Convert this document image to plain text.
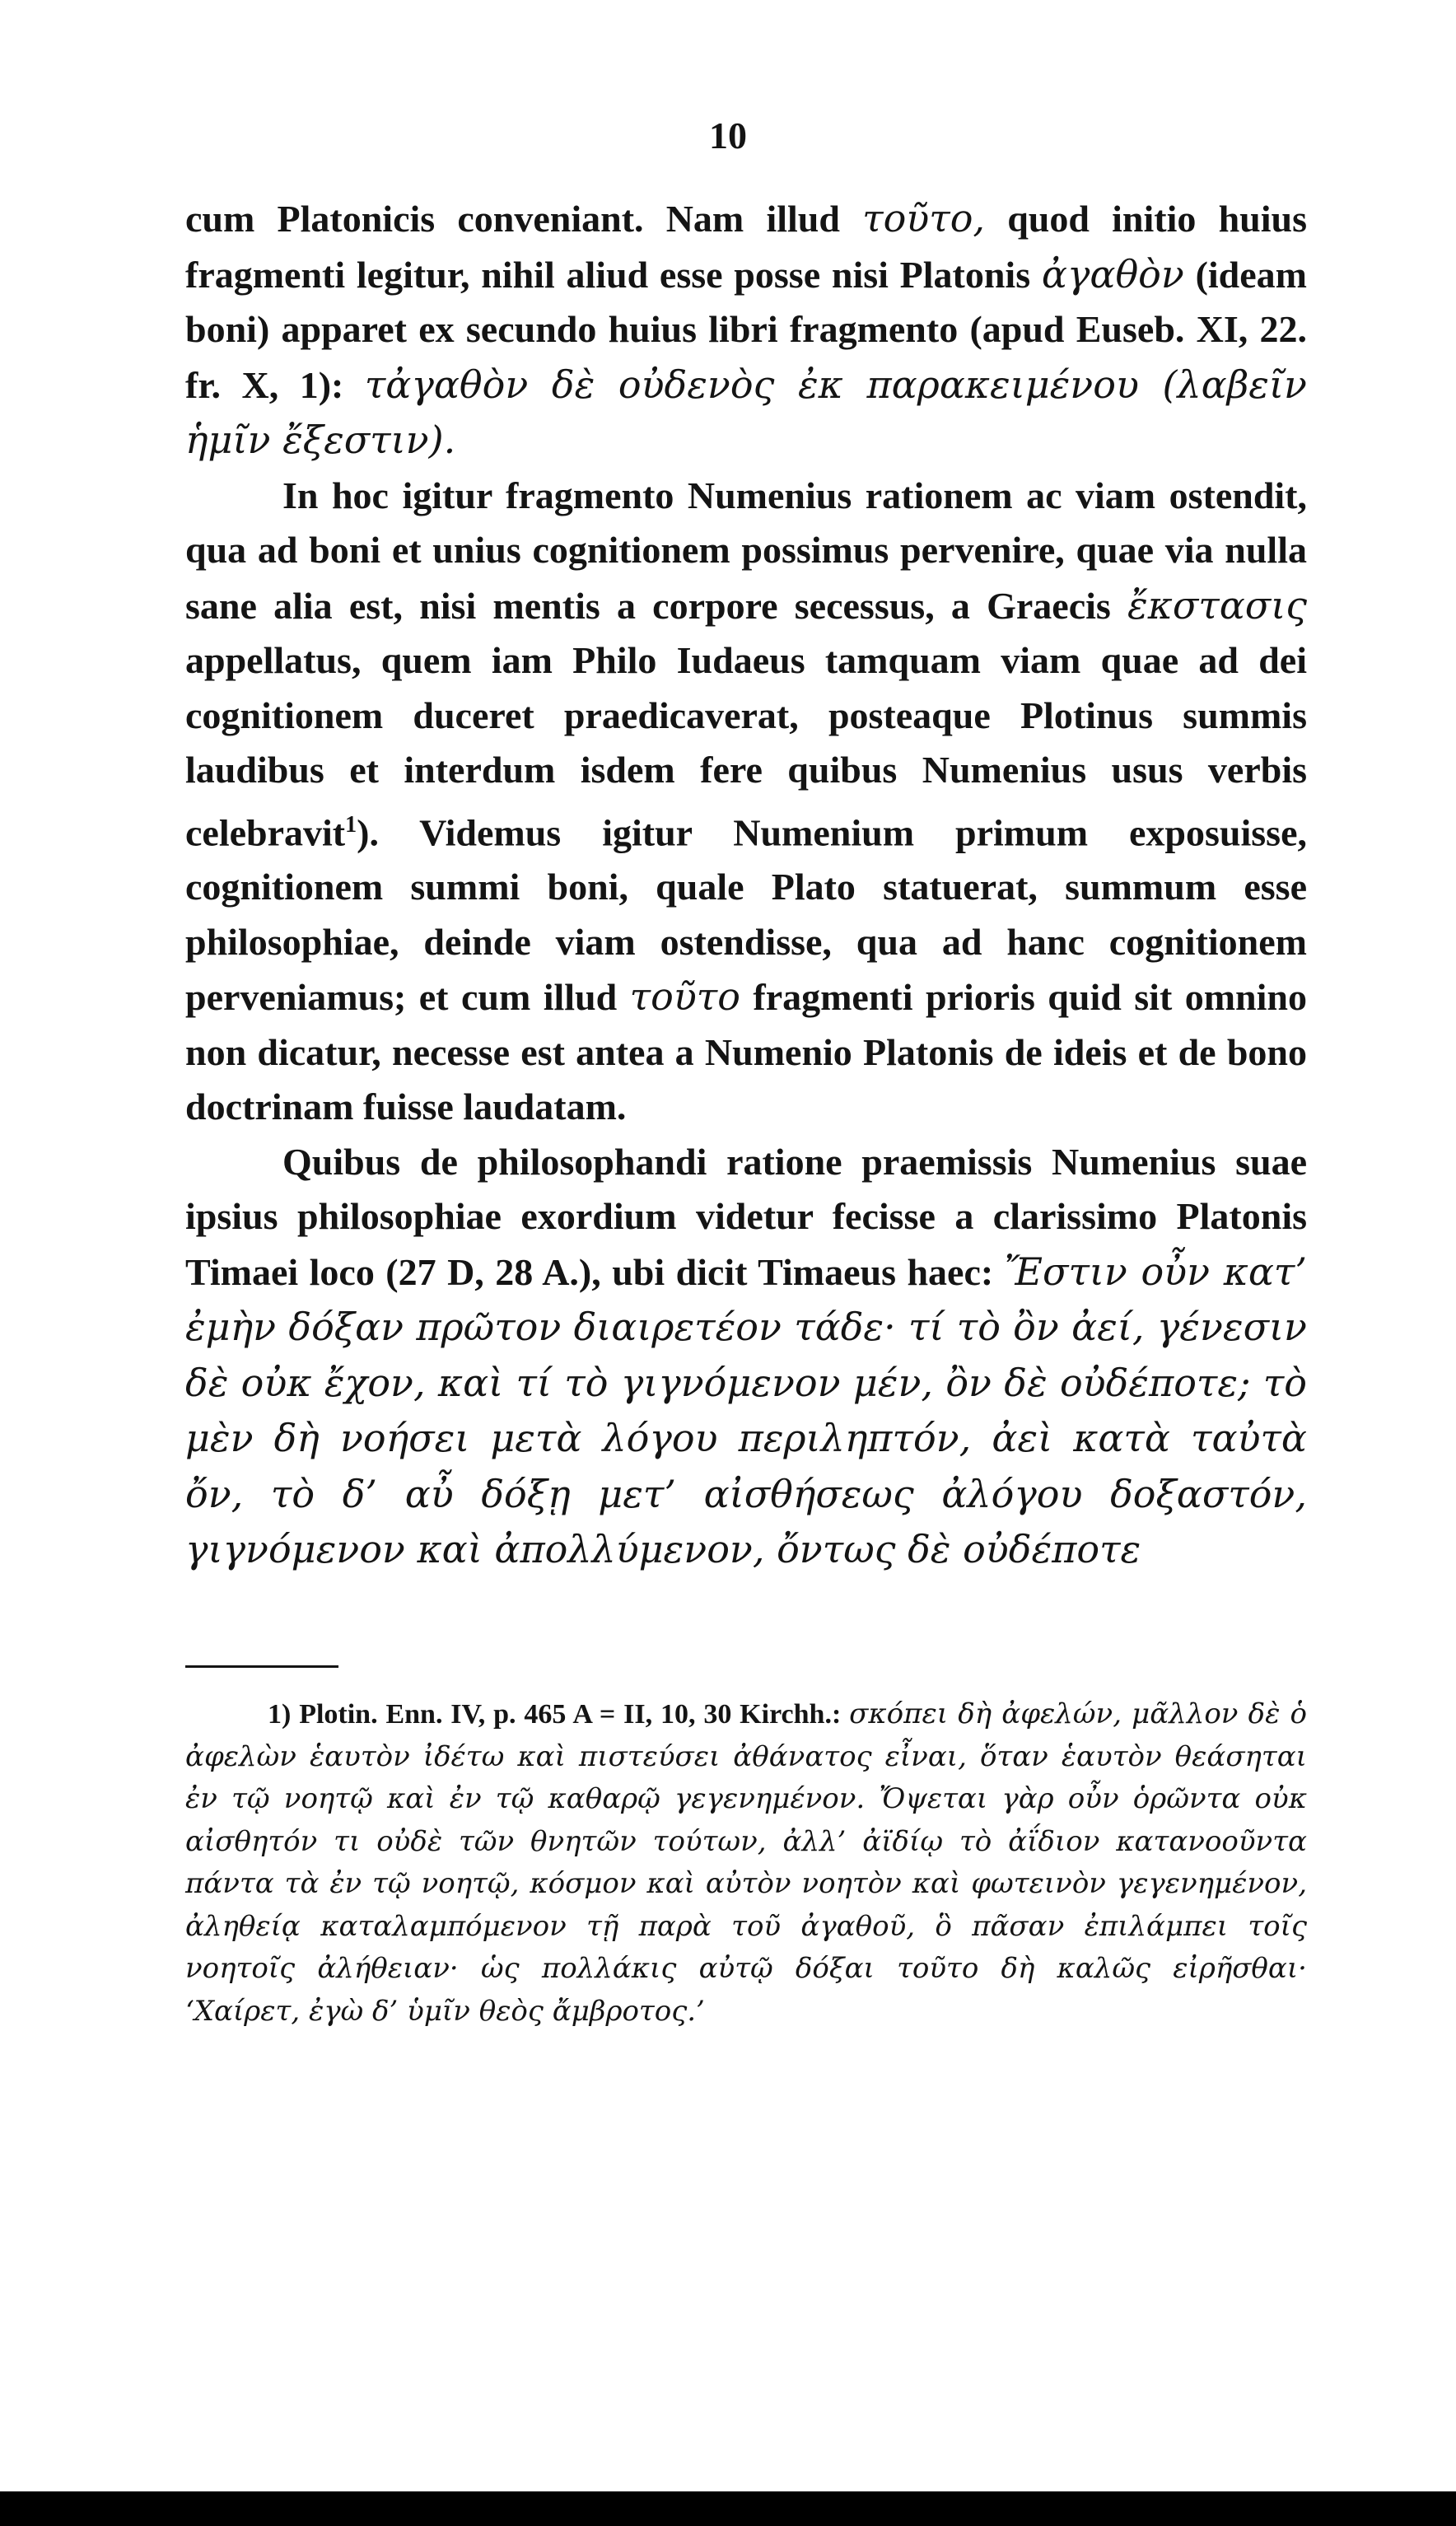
10

cum Platonicis conveniant. Nam illud τοῦτο, quod initio huius fragmenti legitur, nihil aliud esse posse nisi Platonis ἀγαθὸν (ideam boni) apparet ex secundo huius libri fragmento (apud Euseb. XI, 22. fr. X, 1): τἀγαθὸν δὲ οὐδενὸς ἐκ παρακειμένου (λαβεῖν ἡμῖν ἔξεστιν).

In hoc igitur fragmento Numenius rationem ac viam ostendit, qua ad boni et unius cognitionem possimus pervenire, quae via nulla sane alia est, nisi mentis a corpore secessus, a Graecis ἔκστασις appellatus, quem iam Philo Iudaeus tamquam viam quae ad dei cognitionem duceret praedicaverat, posteaque Plotinus summis laudibus et interdum isdem fere quibus Numenius usus verbis celebravit$^1$). Videmus igitur Numenium primum exposuisse, cognitionem summi boni, quale Plato statuerat, summum esse philosophiae, deinde viam ostendisse, qua ad hanc cognitionem perveniamus; et cum illud τοῦτο fragmenti prioris quid sit omnino non dicatur, necesse est antea a Numenio Platonis de ideis et de bono doctrinam fuisse laudatam.

Quibus de philosophandi ratione praemissis Numenius suae ipsius philosophiae exordium videtur fecisse a clarissimo Platonis Timaei loco (27 D, 28 A.), ubi dicit Timaeus haec: Ἔστιν οὖν κατ’ ἐμὴν δόξαν πρῶτον διαιρετέον τάδε· τί τὸ ὂν ἀεί, γένεσιν δὲ οὐκ ἔχον, καὶ τί τὸ γιγνόμενον μέν, ὂν δὲ οὐδέποτε; τὸ μὲν δὴ νοήσει μετὰ λόγου περιληπτόν, ἀεὶ κατὰ ταὐτὰ ὄν, τὸ δ’ αὖ δόξῃ μετ’ αἰσθήσεως ἀλόγου δοξαστόν, γιγνόμενον καὶ ἀπολλύμενον, ὄντως δὲ οὐδέποτε

1) Plotin. Enn. IV, p. 465 A = II, 10, 30 Kirchh.: σκόπει δὴ ἀφελών, μᾶλλον δὲ ὁ ἀφελὼν ἑαυτὸν ἰδέτω καὶ πιστεύσει ἀθάνατος εἶναι, ὅταν ἑαυτὸν θεάσηται ἐν τῷ νοητῷ καὶ ἐν τῷ καθαρῷ γεγενημένον. Ὄψεται γὰρ οὖν ὁρῶντα οὐκ αἰσθητόν τι οὐδὲ τῶν θνητῶν τούτων, ἀλλ’ ἀϊδίῳ τὸ ἀΐδιον κατανοοῦντα πάντα τὰ ἐν τῷ νοητῷ, κόσμον καὶ αὐτὸν νοητὸν καὶ φωτεινὸν γεγενημένον, ἀληθείᾳ καταλαμπόμενον τῇ παρὰ τοῦ ἀγαθοῦ, ὃ πᾶσαν ἐπιλάμπει τοῖς νοητοῖς ἀλήθειαν· ὡς πολλάκις αὐτῷ δόξαι τοῦτο δὴ καλῶς εἰρῆσθαι· ‘Χαίρετ, ἐγὼ δ’ ὑμῖν θεὸς ἄμβροτος.’
